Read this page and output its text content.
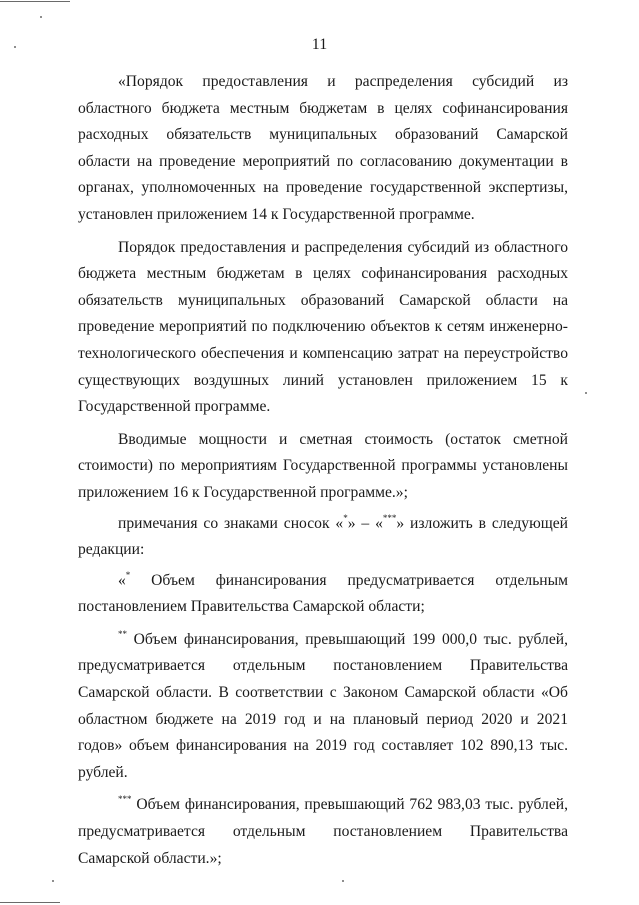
11

«Порядок предоставления и распределения субсидий из областного бюджета местным бюджетам в целях софинансирования расходных обязательств муниципальных образований Самарской области на проведение мероприятий по согласованию документации в органах, уполномоченных на проведение государственной экспертизы, установлен приложением 14 к Государственной программе.

Порядок предоставления и распределения субсидий из областного бюджета местным бюджетам в целях софинансирования расходных обязательств муниципальных образований Самарской области на проведение мероприятий по подключению объектов к сетям инженерно-технологического обеспечения и компенсацию затрат на переустройство существующих воздушных линий установлен приложением 15 к Государственной программе.

Вводимые мощности и сметная стоимость (остаток сметной стоимости) по мероприятиям Государственной программы установлены приложением 16 к Государственной программе.»;

примечания со знаками сносок «*» – «***» изложить в следующей редакции:

«* Объем финансирования предусматривается отдельным постановлением Правительства Самарской области;

** Объем финансирования, превышающий 199 000,0 тыс. рублей, предусматривается отдельным постановлением Правительства Самарской области. В соответствии с Законом Самарской области «Об областном бюджете на 2019 год и на плановый период 2020 и 2021 годов» объем финансирования на 2019 год составляет 102 890,13 тыс. рублей.

*** Объем финансирования, превышающий 762 983,03 тыс. рублей, предусматривается отдельным постановлением Правительства Самарской области.»;
